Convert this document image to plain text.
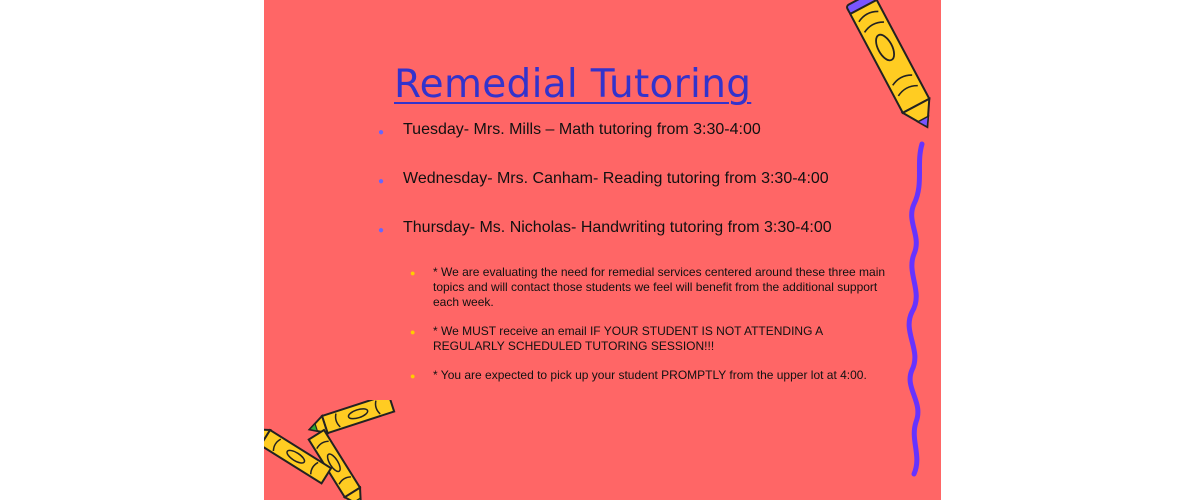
Remedial Tutoring
● Tuesday- Mrs. Mills – Math tutoring from 3:30-4:00
● Wednesday- Mrs. Canham- Reading tutoring from 3:30-4:00
● Thursday- Ms. Nicholas- Handwriting tutoring from 3:30-4:00
● * We are evaluating the need for remedial services centered around these three main topics and will contact those students we feel will benefit from the additional support each week.
● * We MUST receive an email IF YOUR STUDENT IS NOT ATTENDING A REGULARLY SCHEDULED TUTORING SESSION!!!
● * You are expected to pick up your student PROMPTLY from the upper lot at 4:00.
